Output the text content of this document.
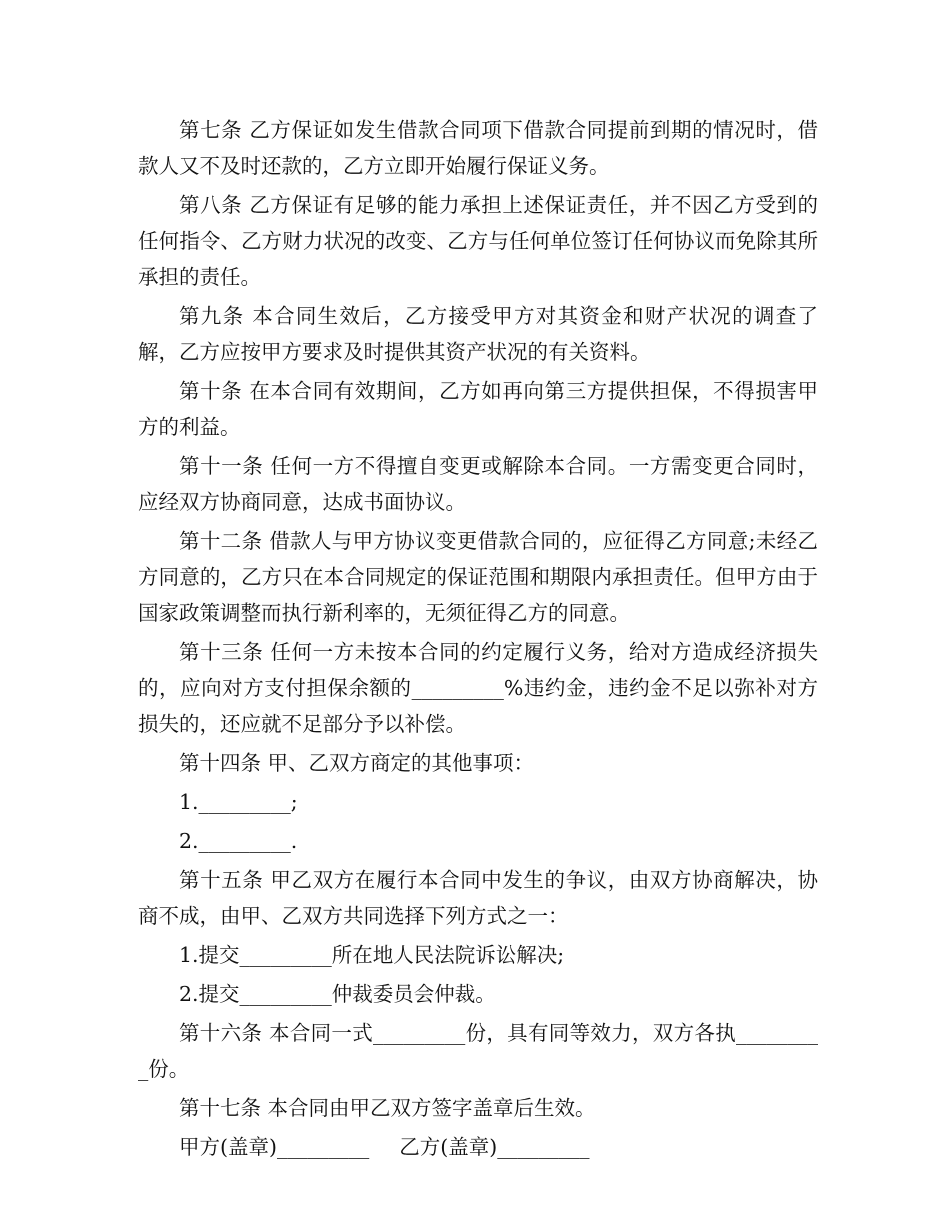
第七条 乙方保证如发生借款合同项下借款合同提前到期的情况时，借款人又不及时还款的，乙方立即开始履行保证义务。

第八条 乙方保证有足够的能力承担上述保证责任，并不因乙方受到的任何指令、乙方财力状况的改变、乙方与任何单位签订任何协议而免除其所承担的责任。

第九条 本合同生效后，乙方接受甲方对其资金和财产状况的调查了解，乙方应按甲方要求及时提供其资产状况的有关资料。

第十条 在本合同有效期间，乙方如再向第三方提供担保，不得损害甲方的利益。

第十一条 任何一方不得擅自变更或解除本合同。一方需变更合同时，应经双方协商同意，达成书面协议。

第十二条 借款人与甲方协议变更借款合同的，应征得乙方同意;未经乙方同意的，乙方只在本合同规定的保证范围和期限内承担责任。但甲方由于国家政策调整而执行新利率的，无须征得乙方的同意。

第十三条 任何一方未按本合同的约定履行义务，给对方造成经济损失的，应向对方支付担保余额的_________%违约金，违约金不足以弥补对方损失的，还应就不足部分予以补偿。

第十四条 甲、乙双方商定的其他事项：

1._________;

2._________.

第十五条 甲乙双方在履行本合同中发生的争议，由双方协商解决，协商不成，由甲、乙双方共同选择下列方式之一：

1.提交_________所在地人民法院诉讼解决;

2.提交_________仲裁委员会仲裁。

第十六条 本合同一式_________份，具有同等效力，双方各执_________份。

第十七条 本合同由甲乙双方签字盖章后生效。

甲方(盖章)_________ 乙方(盖章)_________
